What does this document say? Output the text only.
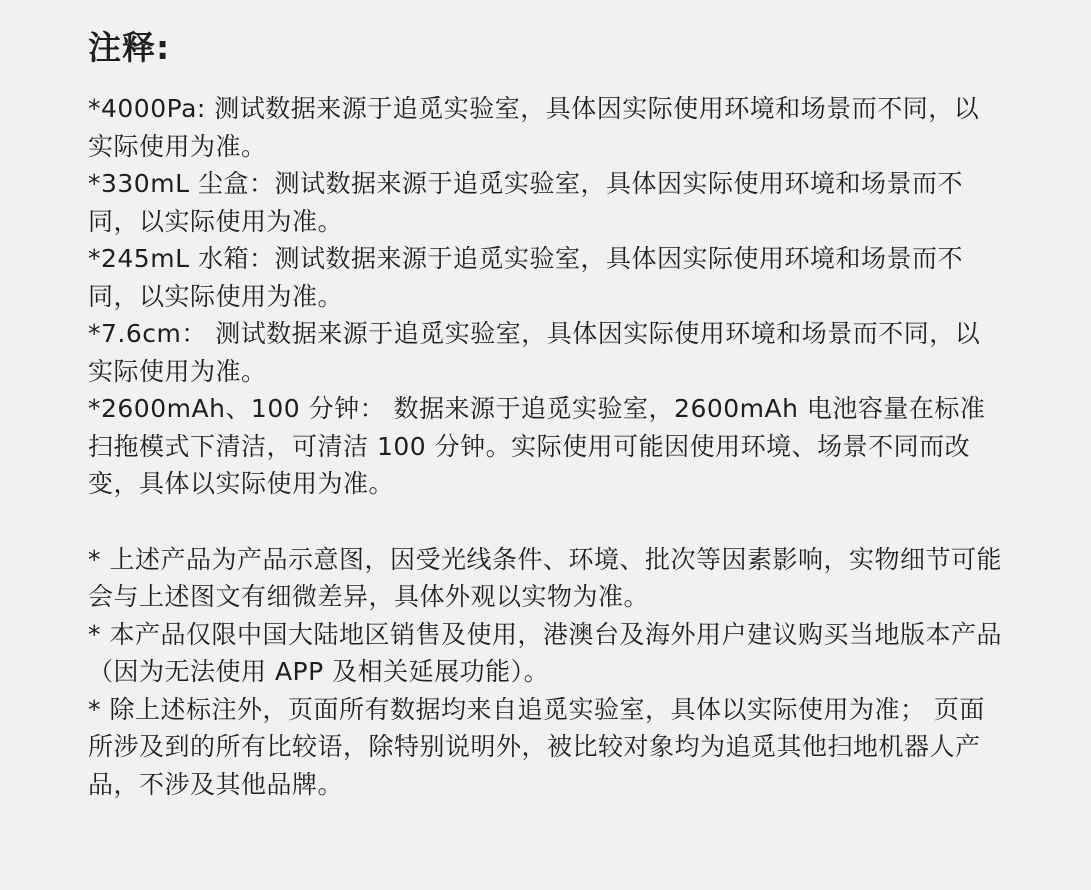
注释:

*4000Pa: 测试数据来源于追觅实验室，具体因实际使用环境和场景而不同，以实际使用为准。

*330mL 尘盒：测试数据来源于追觅实验室，具体因实际使用环境和场景而不同，以实际使用为准。

*245mL 水箱：测试数据来源于追觅实验室，具体因实际使用环境和场景而不同，以实际使用为准。

*7.6cm： 测试数据来源于追觅实验室，具体因实际使用环境和场景而不同，以实际使用为准。

*2600mAh、100 分钟： 数据来源于追觅实验室，2600mAh 电池容量在标准扫拖模式下清洁，可清洁 100 分钟。实际使用可能因使用环境、场景不同而改变，具体以实际使用为准。

* 上述产品为产品示意图，因受光线条件、环境、批次等因素影响，实物细节可能会与上述图文有细微差异，具体外观以实物为准。

* 本产品仅限中国大陆地区销售及使用，港澳台及海外用户建议购买当地版本产品（因为无法使用 APP 及相关延展功能）。

* 除上述标注外，页面所有数据均来自追觅实验室，具体以实际使用为准； 页面所涉及到的所有比较语，除特别说明外，被比较对象均为追觅其他扫地机器人产品，不涉及其他品牌。
